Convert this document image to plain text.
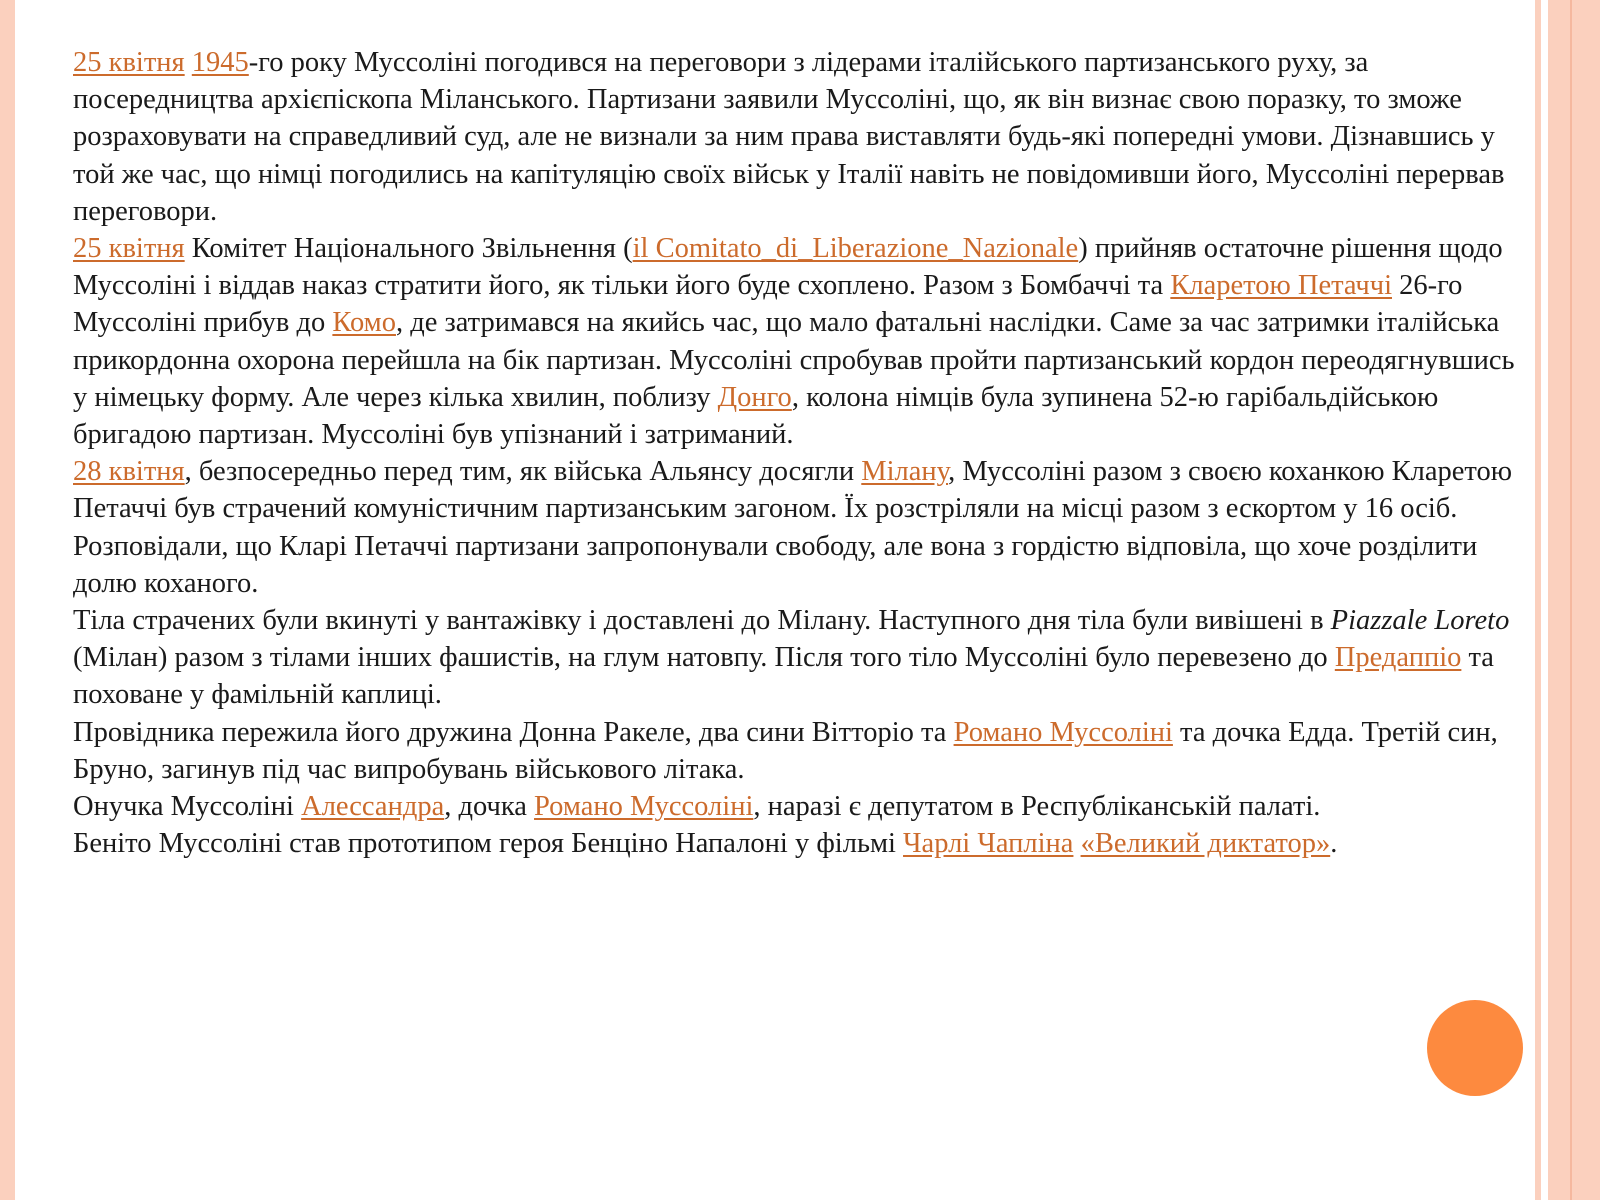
25 квітня 1945-го року Муссоліні погодився на переговори з лідерами італійського партизанського руху, за посередництва архієпіскопа Міланського. Партизани заявили Муссоліні, що, як він визнає свою поразку, то зможе розраховувати на справедливий суд, але не визнали за ним права виставляти будь-які попередні умови. Дізнавшись у той же час, що німці погодились на капітуляцію своїх військ у Італії навіть не повідомивши його, Муссоліні перервав переговори.

25 квітня Комітет Національного Звільнення (il Comitato_di_Liberazione_Nazionale) прийняв остаточне рішення щодо Муссоліні і віддав наказ стратити його, як тільки його буде схоплено. Разом з Бомбаччі та Кларетою Петаччі 26-го Муссоліні прибув до Комо, де затримався на якийсь час, що мало фатальні наслідки. Саме за час затримки італійська прикордонна охорона перейшла на бік партизан. Муссоліні спробував пройти партизанський кордон переодягнувшись у німецьку форму. Але через кілька хвилин, поблизу Донго, колона німців була зупинена 52-ю гарібальдійською бригадою партизан. Муссоліні був упізнаний і затриманий.

28 квітня, безпосередньо перед тим, як війська Альянсу досягли Мілану, Муссоліні разом з своєю коханкою Кларетою Петаччі був страчений комуністичним партизанським загоном. Їх розстріляли на місці разом з ескортом у 16 осіб. Розповідали, що Кларі Петаччі партизани запропонували свободу, але вона з гордістю відповіла, що хоче розділити долю коханого.

Тіла страчених були вкинуті у вантажівку і доставлені до Мілану. Наступного дня тіла були вивішені в Piazzale Loreto (Мілан) разом з тілами інших фашистів, на глум натовпу. Після того тіло Муссоліні було перевезено до Предаппіо та поховане у фамільній каплиці.

Провідника пережила його дружина Донна Ракеле, два сини Вітторіо та Романо Муссоліні та дочка Едда. Третій син, Бруно, загинув під час випробувань військового літака.

Онучка Муссоліні Алессандра, дочка Романо Муссоліні, наразі є депутатом в Республіканській палаті.

Беніто Муссоліні став прототипом героя Бенціно Напалоні у фільмі Чарлі Чапліна «Великий диктатор».
